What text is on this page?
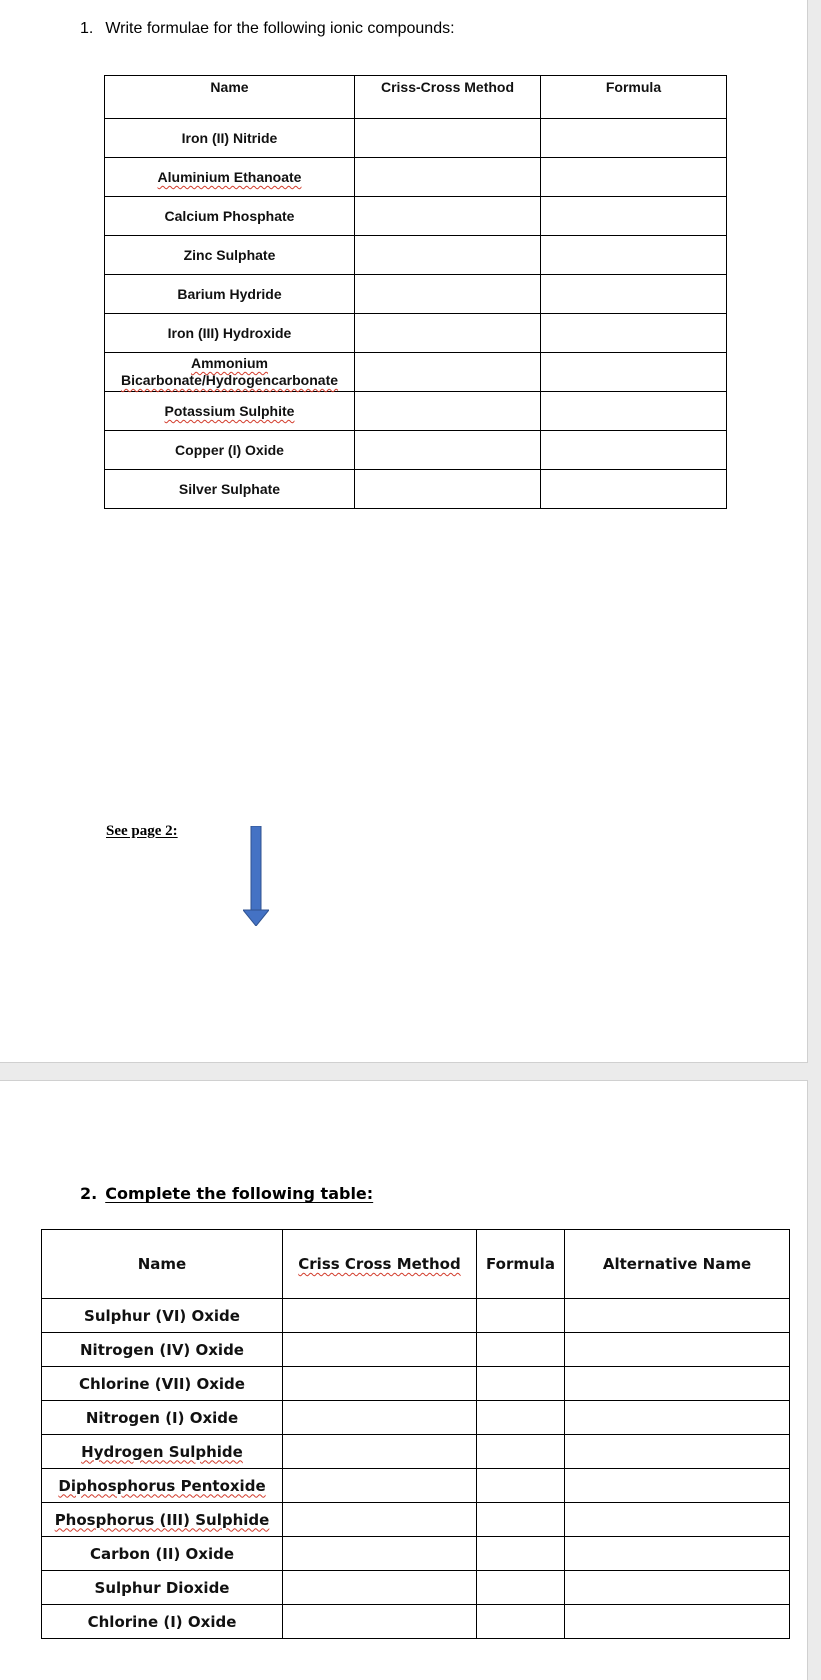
1. Write formulae for the following ionic compounds:
Name	Criss-Cross Method	Formula
Iron (II) Nitride		
Aluminium Ethanoate		
Calcium Phosphate		
Zinc Sulphate		
Barium Hydride		
Iron (III) Hydroxide		
Ammonium Bicarbonate/Hydrogencarbonate		
Potassium Sulphite		
Copper (I) Oxide		
Silver Sulphate		
See page 2:
2. Complete the following table:
Name	Criss Cross Method	Formula	Alternative Name
Sulphur (VI) Oxide			
Nitrogen (IV) Oxide			
Chlorine (VII) Oxide			
Nitrogen (I) Oxide			
Hydrogen Sulphide			
Diphosphorus Pentoxide			
Phosphorus (III) Sulphide			
Carbon (II) Oxide			
Sulphur Dioxide			
Chlorine (I) Oxide			
